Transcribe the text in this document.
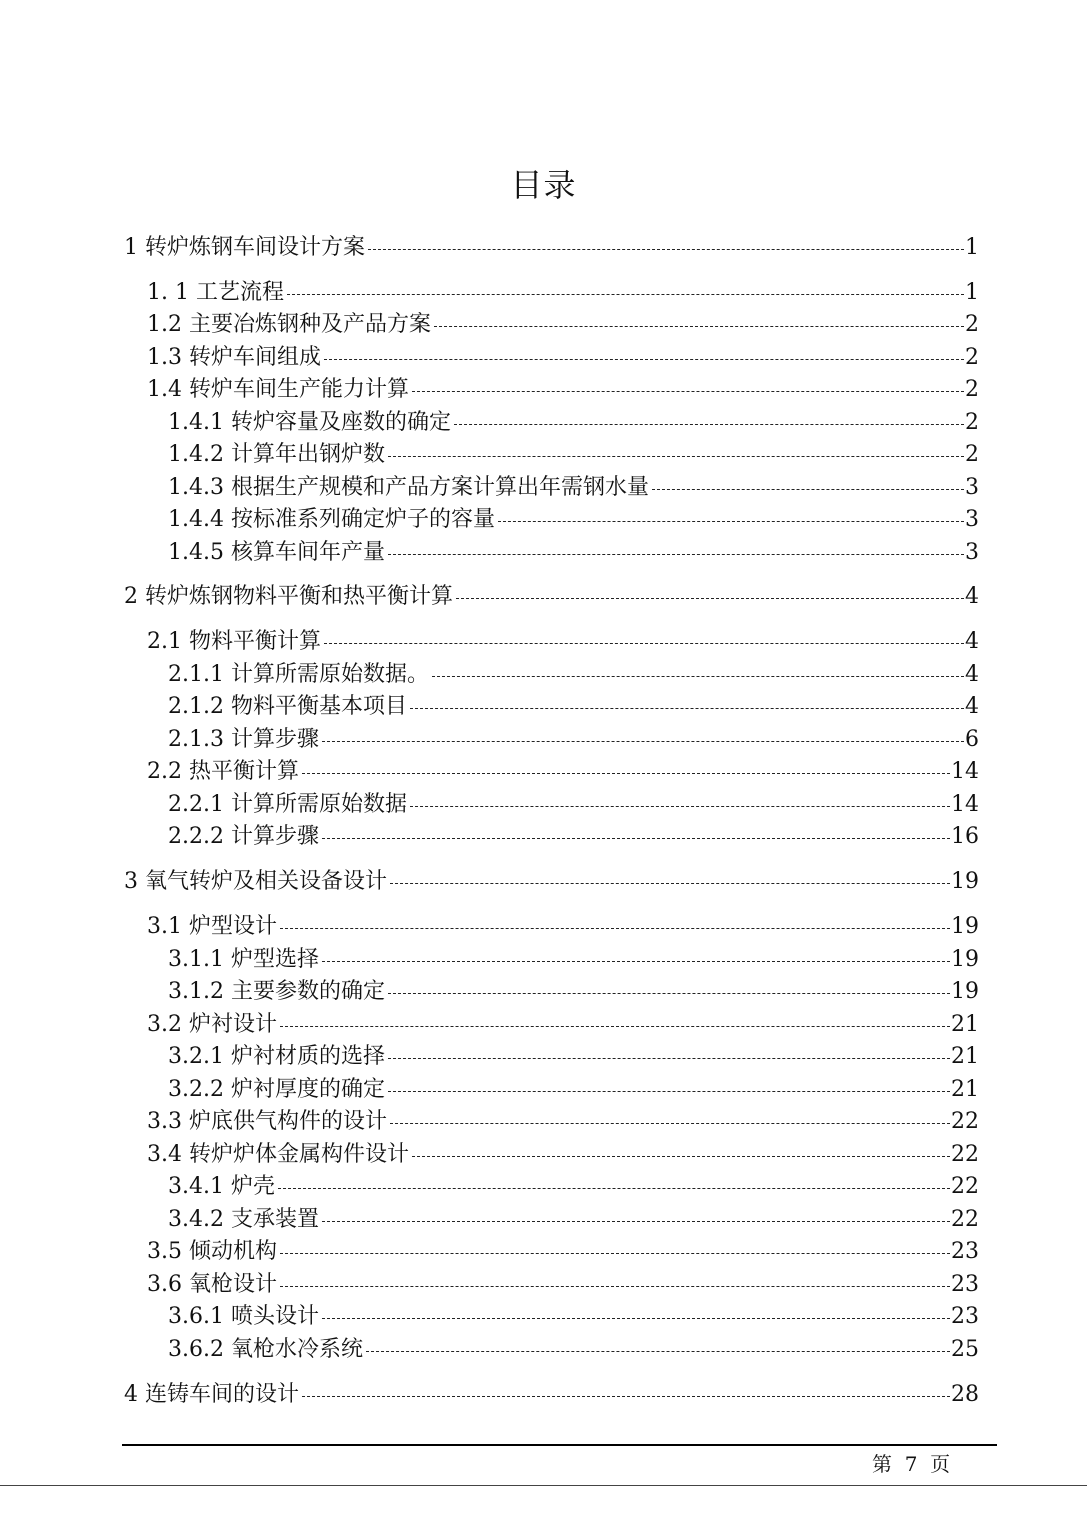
目录
1 转炉炼钢车间设计方案	1
1. 1 工艺流程	1
1.2 主要冶炼钢种及产品方案	2
1.3 转炉车间组成	2
1.4 转炉车间生产能力计算	2
1.4.1 转炉容量及座数的确定	2
1.4.2 计算年出钢炉数	2
1.4.3 根据生产规模和产品方案计算出年需钢水量	3
1.4.4 按标准系列确定炉子的容量	3
1.4.5 核算车间年产量	3
2 转炉炼钢物料平衡和热平衡计算	4
2.1 物料平衡计算	4
2.1.1 计算所需原始数据。	4
2.1.2 物料平衡基本项目	4
2.1.3 计算步骤	6
2.2 热平衡计算	14
2.2.1 计算所需原始数据	14
2.2.2 计算步骤	16
3 氧气转炉及相关设备设计	19
3.1 炉型设计	19
3.1.1 炉型选择	19
3.1.2 主要参数的确定	19
3.2 炉衬设计	21
3.2.1 炉衬材质的选择	21
3.2.2 炉衬厚度的确定	21
3.3 炉底供气构件的设计	22
3.4 转炉炉体金属构件设计	22
3.4.1 炉壳	22
3.4.2 支承装置	22
3.5 倾动机构	23
3.6 氧枪设计	23
3.6.1 喷头设计	23
3.6.2 氧枪水冷系统	25
4 连铸车间的设计	28
第  7  页
